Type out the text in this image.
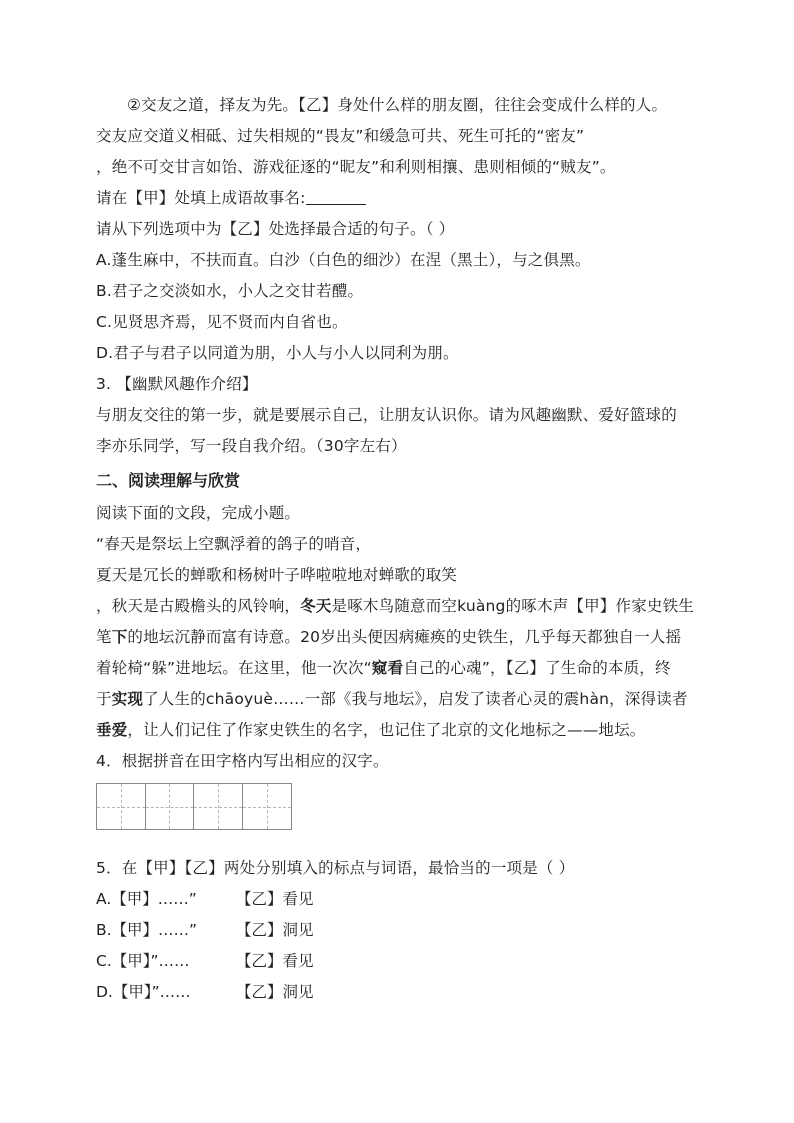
②交友之道，择友为先。【乙】身处什么样的朋友圈，往往会变成什么样的人。
交友应交道义相砥、过失相规的“畏友”和缓急可共、死生可托的“密友”
，绝不可交甘言如饴、游戏征逐的“昵友”和利则相攘、患则相倾的“贼友”。
请在【甲】处填上成语故事名:
请从下列选项中为【乙】处选择最合适的句子。（ ）
A.蓬生麻中，不扶而直。白沙（白色的细沙）在涅（黑土），与之俱黑。
B.君子之交淡如水，小人之交甘若醴。
C.见贤思齐焉，见不贤而内自省也。
D.君子与君子以同道为朋，小人与小人以同利为朋。
3. 【幽默风趣作介绍】
与朋友交往的第一步，就是要展示自己，让朋友认识你。请为风趣幽默、爱好篮球的
李亦乐同学，写一段自我介绍。（30字左右）
二、阅读理解与欣赏
阅读下面的文段，完成小题。
“春天是祭坛上空飘浮着的鸽子的哨音，
夏天是冗长的蝉歌和杨树叶子哗啦啦地对蝉歌的取笑
，秋天是古殿檐头的风铃响，冬天是啄木鸟随意而空kuàng的啄木声【甲】作家史铁生
笔下的地坛沉静而富有诗意。20岁出头便因病瘫痪的史铁生，几乎每天都独自一人摇
着轮椅“躲”进地坛。在这里，他一次次“窥看自己的心魂”，【乙】了生命的本质，终
于实现了人生的chāoyuè……一部《我与地坛》，启发了读者心灵的震hàn，深得读者
垂爱，让人们记住了作家史铁生的名字，也记住了北京的文化地标之——地坛。
4．根据拼音在田字格内写出相应的汉字。
5．在【甲】【乙】两处分别填入的标点与词语，最恰当的一项是（ ）
A.【甲】……”	【乙】看见
B.【甲】……”	【乙】洞见
C.【甲】”……	【乙】看见
D.【甲】”……	【乙】洞见
